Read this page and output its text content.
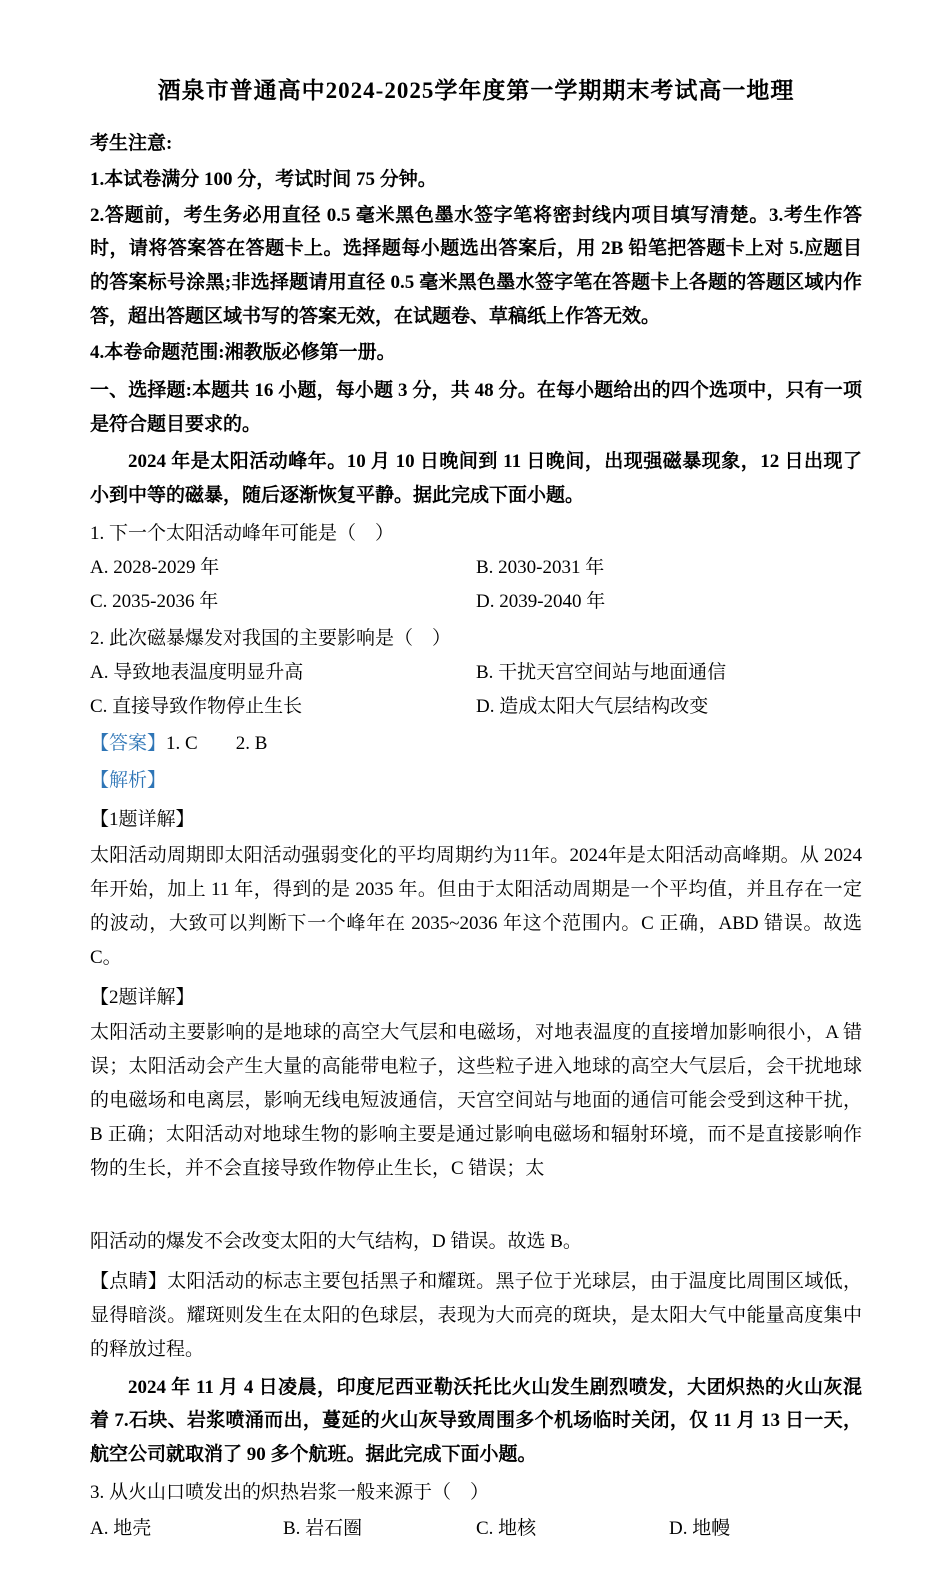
酒泉市普通高中2024-2025学年度第一学期期末考试高一地理

考生注意:

1.本试卷满分 100 分，考试时间 75 分钟。

2.答题前，考生务必用直径 0.5 毫米黑色墨水签字笔将密封线内项目填写清楚。3.考生作答时，请将答案答在答题卡上。选择题每小题选出答案后，用 2B 铅笔把答题卡上对 5.应题目的答案标号涂黑;非选择题请用直径 0.5 毫米黑色墨水签字笔在答题卡上各题的答题区域内作答，超出答题区域书写的答案无效，在试题卷、草稿纸上作答无效。

4.本卷命题范围:湘教版必修第一册。

一、选择题:本题共 16 小题，每小题 3 分，共 48 分。在每小题给出的四个选项中，只有一项是符合题目要求的。

2024 年是太阳活动峰年。10 月 10 日晚间到 11 日晚间，出现强磁暴现象，12 日出现了小到中等的磁暴，随后逐渐恢复平静。据此完成下面小题。

1. 下一个太阳活动峰年可能是（　）

A. 2028-2029 年	B. 2030-2031 年
C. 2035-2036 年	D. 2039-2040 年

2. 此次磁暴爆发对我国的主要影响是（　）

A. 导致地表温度明显升高	B. 干扰天宫空间站与地面通信
C. 直接导致作物停止生长	D. 造成太阳大气层结构改变

【答案】1. C　　2. B

【解析】

【1题详解】

太阳活动周期即太阳活动强弱变化的平均周期约为11年。2024年是太阳活动高峰期。从 2024 年开始，加上 11 年，得到的是 2035 年。但由于太阳活动周期是一个平均值，并且存在一定的波动，大致可以判断下一个峰年在 2035~2036 年这个范围内。C 正确，ABD 错误。故选 C。

【2题详解】

太阳活动主要影响的是地球的高空大气层和电磁场，对地表温度的直接增加影响很小，A 错误；太阳活动会产生大量的高能带电粒子，这些粒子进入地球的高空大气层后，会干扰地球的电磁场和电离层，影响无线电短波通信，天宫空间站与地面的通信可能会受到这种干扰，B 正确；太阳活动对地球生物的影响主要是通过影响电磁场和辐射环境，而不是直接影响作物的生长，并不会直接导致作物停止生长，C 错误；太

阳活动的爆发不会改变太阳的大气结构，D 错误。故选 B。

【点睛】太阳活动的标志主要包括黑子和耀斑。黑子位于光球层，由于温度比周围区域低，显得暗淡。耀斑则发生在太阳的色球层，表现为大而亮的斑块，是太阳大气中能量高度集中的释放过程。

2024 年 11 月 4 日凌晨，印度尼西亚勒沃托比火山发生剧烈喷发，大团炽热的火山灰混着 7.石块、岩浆喷涌而出，蔓延的火山灰导致周围多个机场临时关闭，仅 11 月 13 日一天，航空公司就取消了 90 多个航班。据此完成下面小题。

3. 从火山口喷发出的炽热岩浆一般来源于（　）

A. 地壳	B. 岩石圈	C. 地核	D. 地幔
